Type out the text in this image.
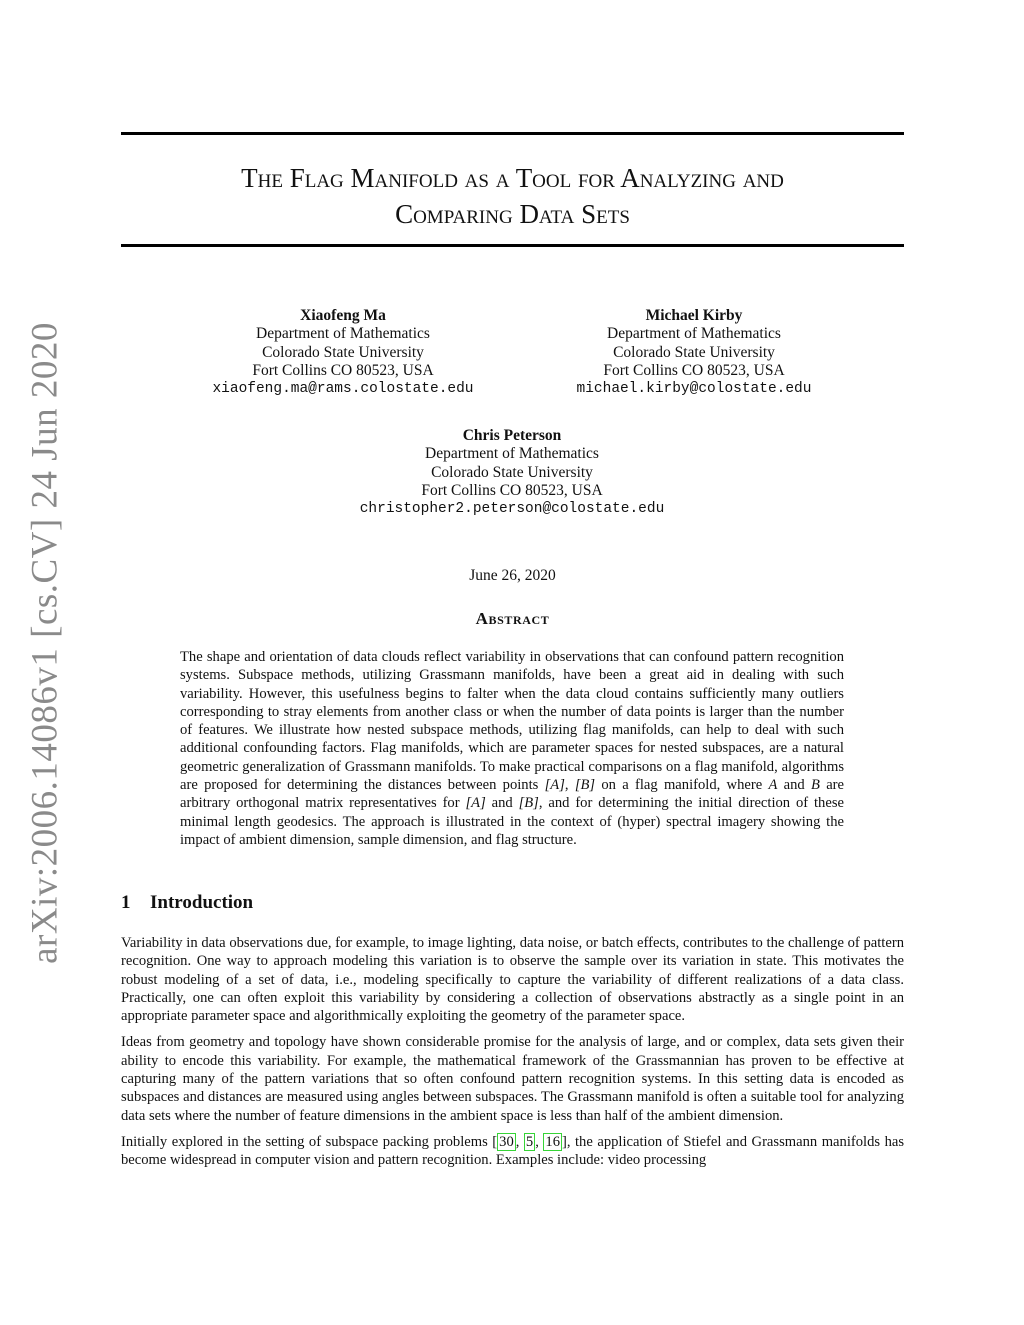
arXiv:2006.14086v1 [cs.CV] 24 Jun 2020
The Flag Manifold as a Tool for Analyzing and
Comparing Data Sets
Xiaofeng Ma
Department of Mathematics
Colorado State University
Fort Collins CO 80523, USA
xiaofeng.ma@rams.colostate.edu
Michael Kirby
Department of Mathematics
Colorado State University
Fort Collins CO 80523, USA
michael.kirby@colostate.edu
Chris Peterson
Department of Mathematics
Colorado State University
Fort Collins CO 80523, USA
christopher2.peterson@colostate.edu
June 26, 2020
Abstract
The shape and orientation of data clouds reflect variability in observations that can confound pattern recognition systems. Subspace methods, utilizing Grassmann manifolds, have been a great aid in dealing with such variability. However, this usefulness begins to falter when the data cloud contains sufficiently many outliers corresponding to stray elements from another class or when the number of data points is larger than the number of features. We illustrate how nested subspace methods, utilizing flag manifolds, can help to deal with such additional confounding factors. Flag manifolds, which are parameter spaces for nested subspaces, are a natural geometric generalization of Grassmann manifolds. To make practical comparisons on a flag manifold, algorithms are proposed for determining the distances between points [A], [B] on a flag manifold, where A and B are arbitrary orthogonal matrix representatives for [A] and [B], and for determining the initial direction of these minimal length geodesics. The approach is illustrated in the context of (hyper) spectral imagery showing the impact of ambient dimension, sample dimension, and flag structure.
1 Introduction

Variability in data observations due, for example, to image lighting, data noise, or batch effects, contributes to the challenge of pattern recognition. One way to approach modeling this variation is to observe the sample over its variation in state. This motivates the robust modeling of a set of data, i.e., modeling specifically to capture the variability of different realizations of a data class. Practically, one can often exploit this variability by considering a collection of observations abstractly as a single point in an appropriate parameter space and algorithmically exploiting the geometry of the parameter space.

Ideas from geometry and topology have shown considerable promise for the analysis of large, and or complex, data sets given their ability to encode this variability. For example, the mathematical framework of the Grassmannian has proven to be effective at capturing many of the pattern variations that so often confound pattern recognition systems. In this setting data is encoded as subspaces and distances are measured using angles between subspaces. The Grassmann manifold is often a suitable tool for analyzing data sets where the number of feature dimensions in the ambient space is less than half of the ambient dimension.

Initially explored in the setting of subspace packing problems [ 30 , 5 , 16 ], the application of Stiefel and Grassmann manifolds has become widespread in computer vision and pattern recognition. Examples include: video processing
